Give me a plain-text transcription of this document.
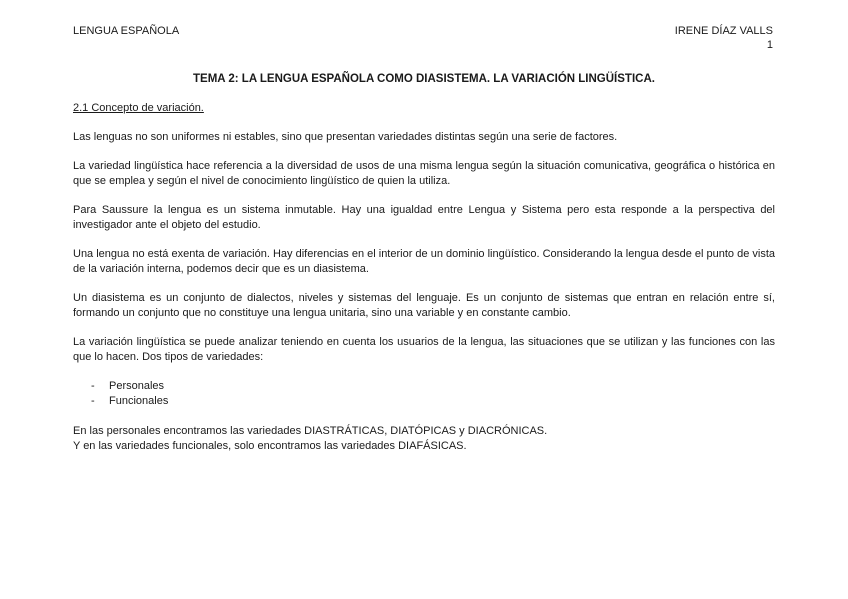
LENGUA ESPAÑOLA	IRENE DÍAZ VALLS
1
TEMA 2: LA LENGUA ESPAÑOLA COMO DIASISTEMA. LA VARIACIÓN LINGÜÍSTICA.
2.1 Concepto de variación.

Las lenguas no son uniformes ni estables, sino que presentan variedades distintas según una serie de factores.

La variedad lingüística hace referencia a la diversidad de usos de una misma lengua según la situación comunicativa, geográfica o histórica en que se emplea y según el nivel de conocimiento lingüístico de quien la utiliza.

Para Saussure la lengua es un sistema inmutable. Hay una igualdad entre Lengua y Sistema pero esta responde a la perspectiva del investigador ante el objeto del estudio.

Una lengua no está exenta de variación. Hay diferencias en el interior de un dominio lingüístico. Considerando la lengua desde el punto de vista de la variación interna, podemos decir que es un diasistema.

Un diasistema es un conjunto de dialectos, niveles y sistemas del lenguaje. Es un conjunto de sistemas que entran en relación entre sí, formando un conjunto que no constituye una lengua unitaria, sino una variable y en constante cambio.

La variación lingüística se puede analizar teniendo en cuenta los usuarios de la lengua, las situaciones que se utilizan y las funciones con las que lo hacen. Dos tipos de variedades:

- Personales
- Funcionales

En las personales encontramos las variedades DIASTRÁTICAS, DIATÓPICAS y DIACRÓNICAS.

Y en las variedades funcionales, solo encontramos las variedades DIAFÁSICAS.
